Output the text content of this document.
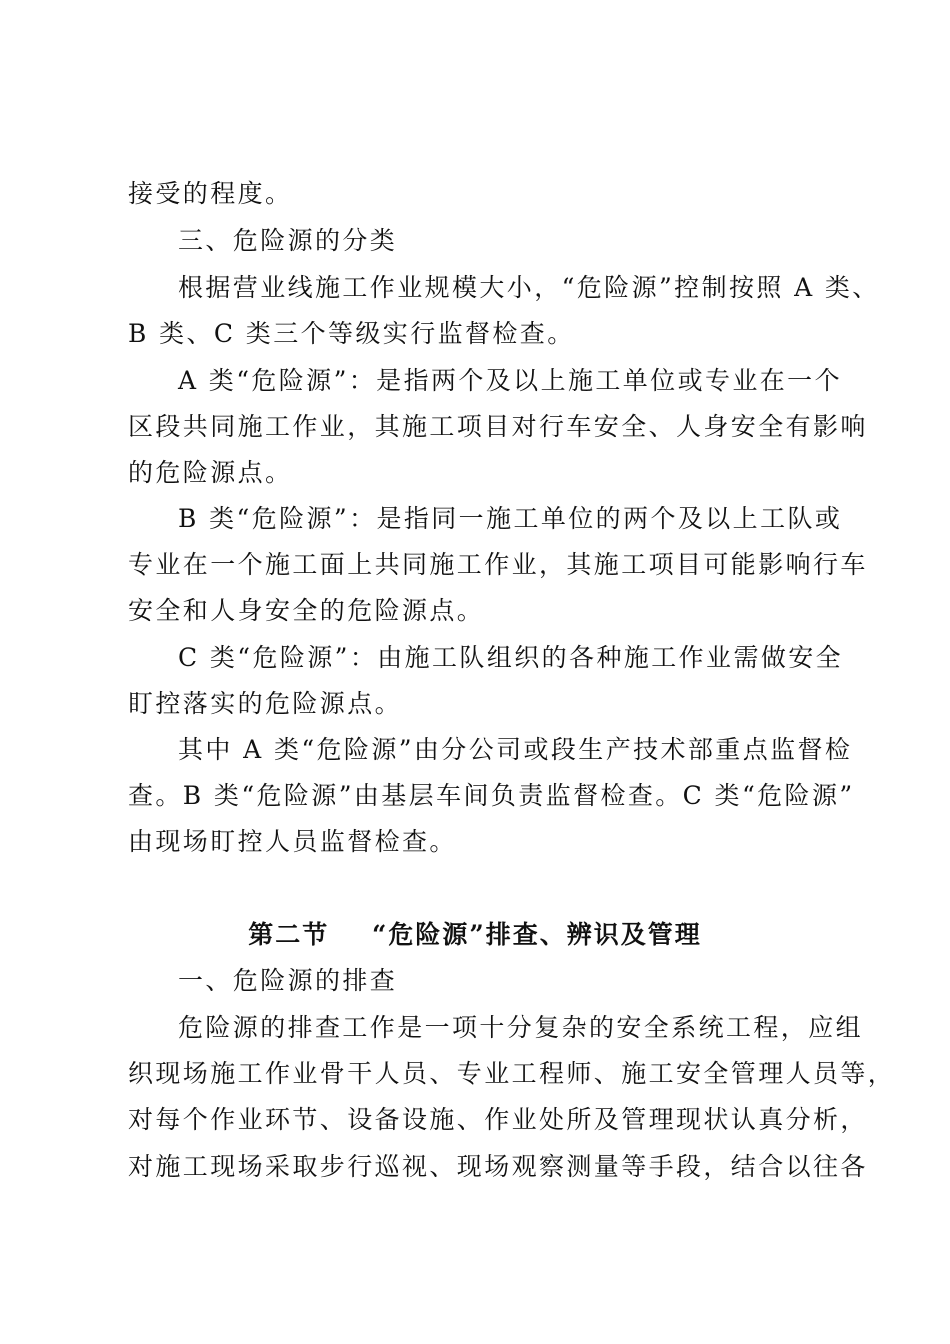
接受的程度。
三、危险源的分类
根据营业线施工作业规模大小，“危险源”控制按照 A 类、
B 类、C 类三个等级实行监督检查。
A 类“危险源”：是指两个及以上施工单位或专业在一个
区段共同施工作业，其施工项目对行车安全、人身安全有影响
的危险源点。
B 类“危险源”：是指同一施工单位的两个及以上工队或
专业在一个施工面上共同施工作业，其施工项目可能影响行车
安全和人身安全的危险源点。
C 类“危险源”：由施工队组织的各种施工作业需做安全
盯控落实的危险源点。
其中 A 类“危险源”由分公司或段生产技术部重点监督检
查。B 类“危险源”由基层车间负责监督检查。C 类“危险源”
由现场盯控人员监督检查。
第二节    “危险源”排查、辨识及管理
一、危险源的排查
危险源的排查工作是一项十分复杂的安全系统工程，应组
织现场施工作业骨干人员、专业工程师、施工安全管理人员等，
对每个作业环节、设备设施、作业处所及管理现状认真分析，
对施工现场采取步行巡视、现场观察测量等手段，结合以往各
